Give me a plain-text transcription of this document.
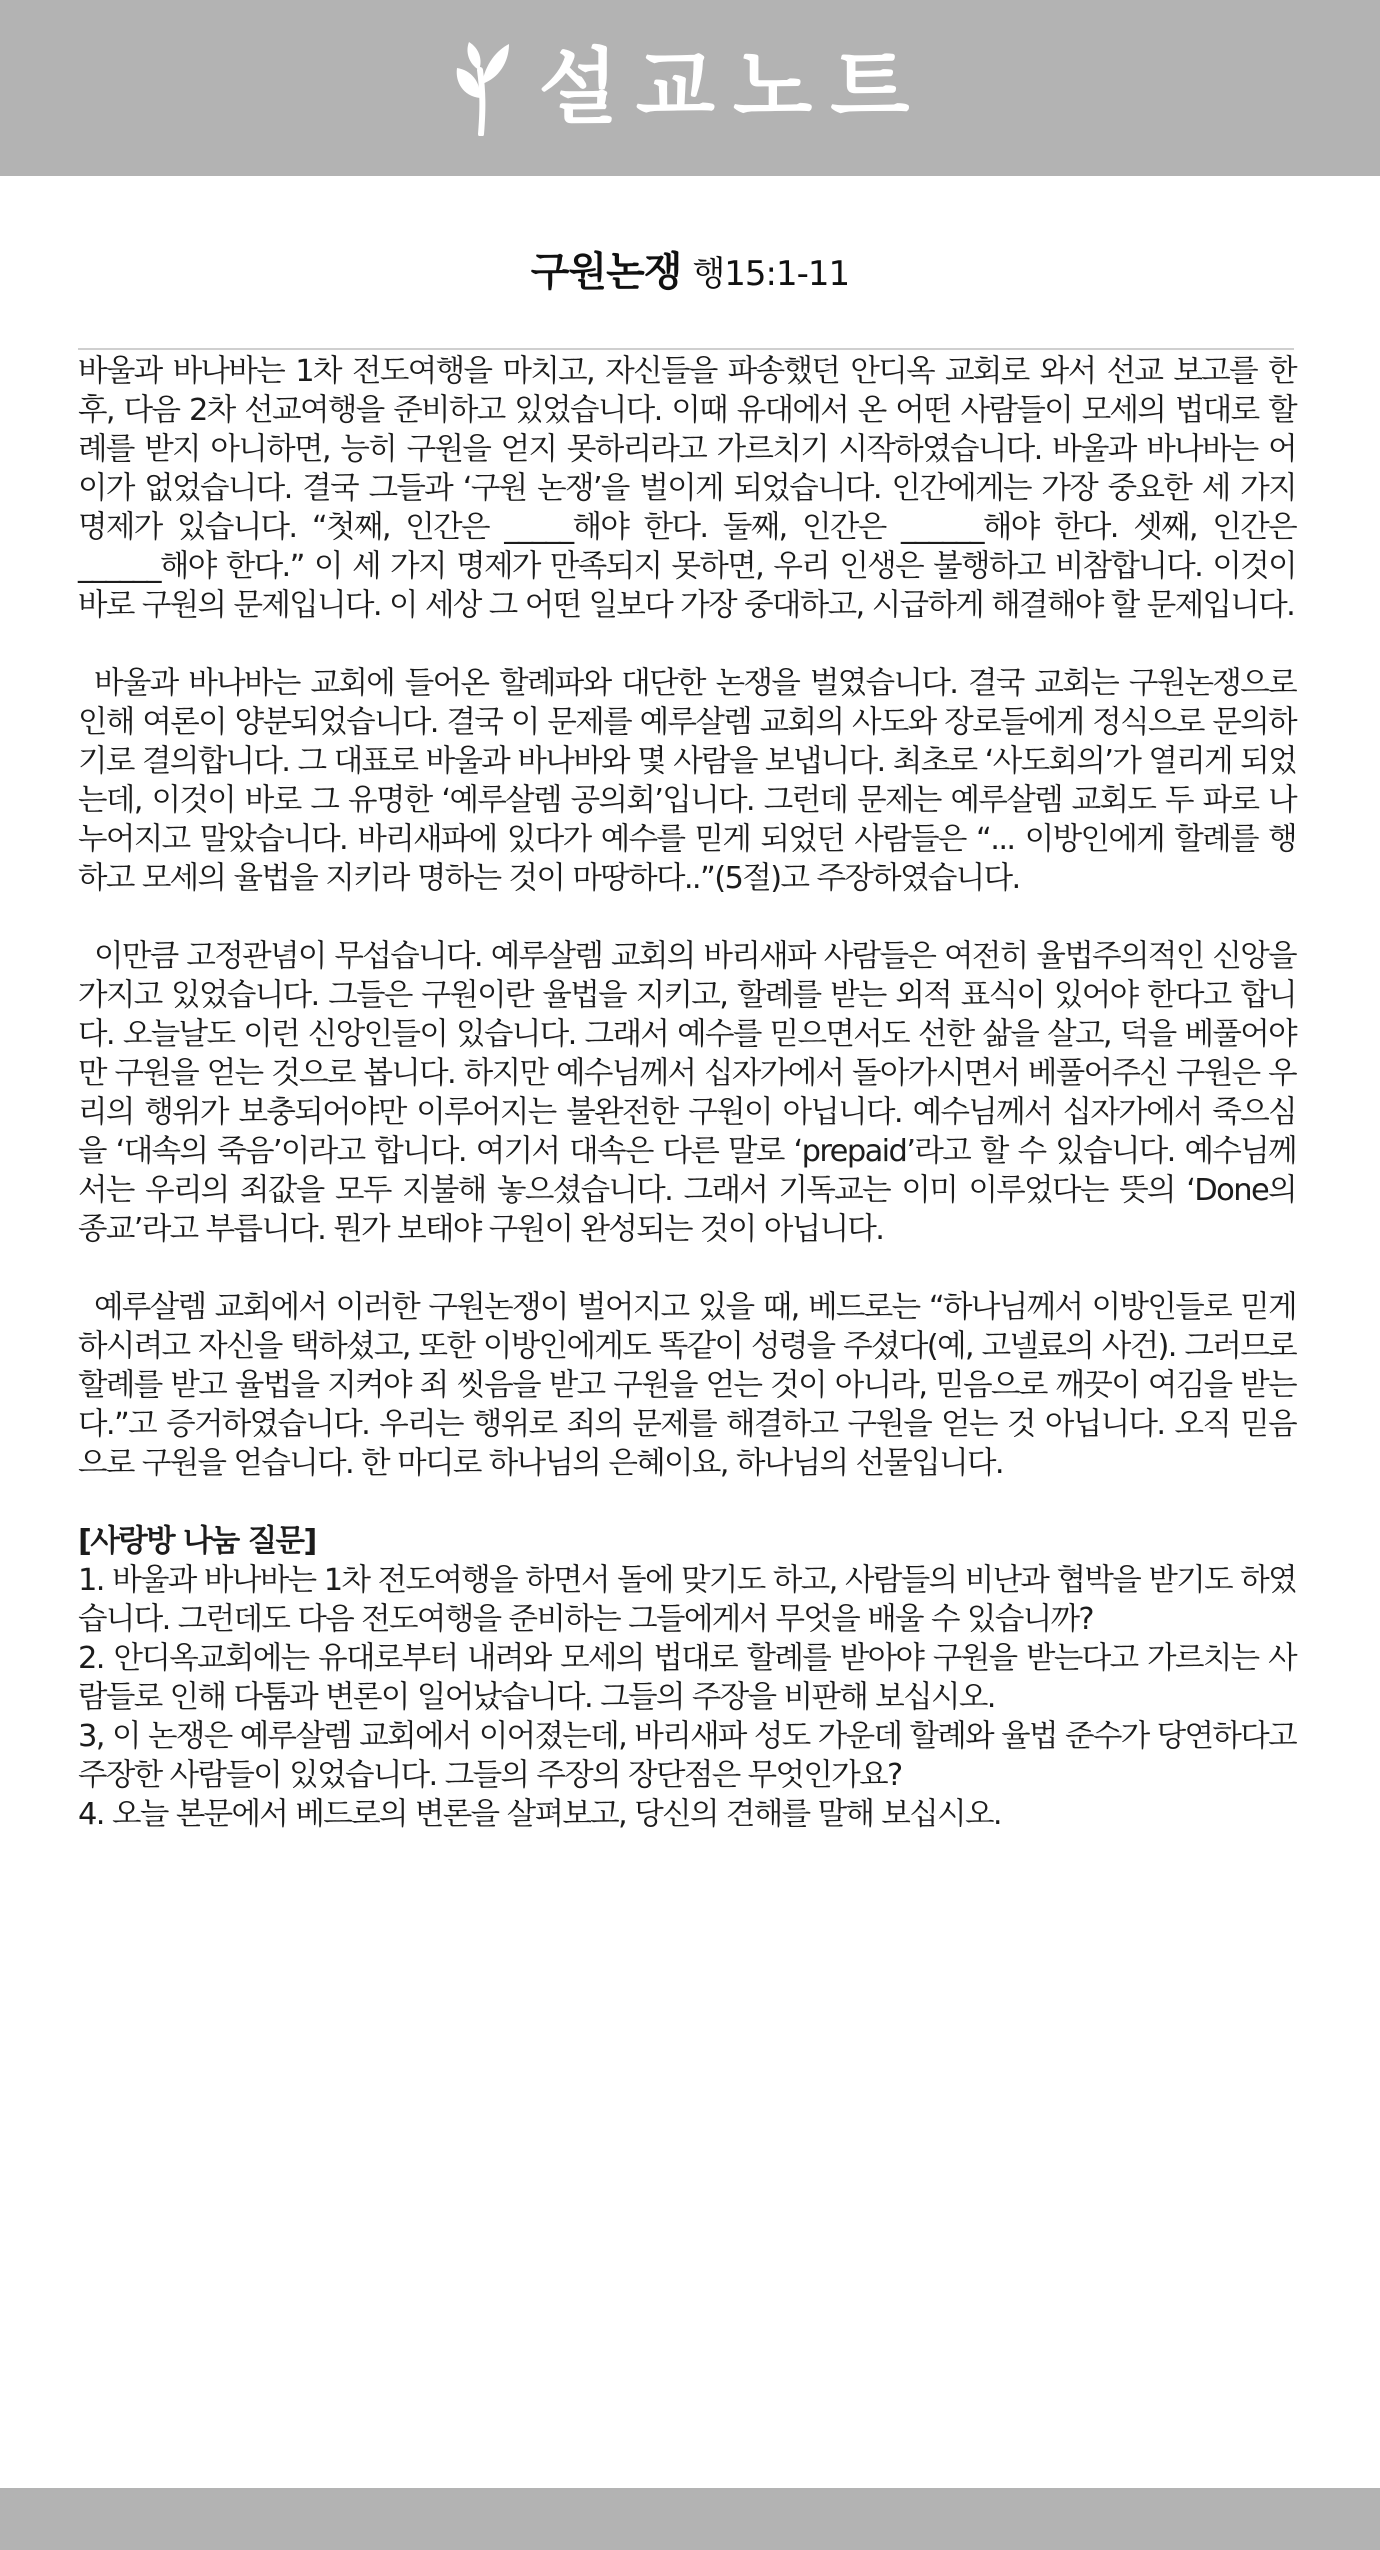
설교노트
구원논쟁 행15:1-11

바울과 바나바는 1차 전도여행을 마치고, 자신들을 파송했던 안디옥 교회로 와서 선교 보고를 한 후, 다음 2차 선교여행을 준비하고 있었습니다. 이때 유대에서 온 어떤 사람들이 모세의 법대로 할례를 받지 아니하면, 능히 구원을 얻지 못하리라고 가르치기 시작하였습니다. 바울과 바나바는 어이가 없었습니다. 결국 그들과 ‘구원 논쟁’을 벌이게 되었습니다. 인간에게는 가장 중요한 세 가지 명제가 있습니다. “첫째, 인간은 _____해야 한다. 둘째, 인간은 ______해야 한다. 셋째, 인간은 ______해야 한다.” 이 세 가지 명제가 만족되지 못하면, 우리 인생은 불행하고 비참합니다. 이것이 바로 구원의 문제입니다. 이 세상 그 어떤 일보다 가장 중대하고, 시급하게 해결해야 할 문제입니다.

바울과 바나바는 교회에 들어온 할례파와 대단한 논쟁을 벌였습니다. 결국 교회는 구원논쟁으로 인해 여론이 양분되었습니다. 결국 이 문제를 예루살렘 교회의 사도와 장로들에게 정식으로 문의하기로 결의합니다. 그 대표로 바울과 바나바와 몇 사람을 보냅니다. 최초로 ‘사도회의’가 열리게 되었는데, 이것이 바로 그 유명한 ‘예루살렘 공의회’입니다. 그런데 문제는 예루살렘 교회도 두 파로 나누어지고 말았습니다. 바리새파에 있다가 예수를 믿게 되었던 사람들은 “... 이방인에게 할례를 행하고 모세의 율법을 지키라 명하는 것이 마땅하다..”(5절)고 주장하였습니다.

이만큼 고정관념이 무섭습니다. 예루살렘 교회의 바리새파 사람들은 여전히 율법주의적인 신앙을 가지고 있었습니다. 그들은 구원이란 율법을 지키고, 할례를 받는 외적 표식이 있어야 한다고 합니다. 오늘날도 이런 신앙인들이 있습니다. 그래서 예수를 믿으면서도 선한 삶을 살고, 덕을 베풀어야만 구원을 얻는 것으로 봅니다. 하지만 예수님께서 십자가에서 돌아가시면서 베풀어주신 구원은 우리의 행위가 보충되어야만 이루어지는 불완전한 구원이 아닙니다. 예수님께서 십자가에서 죽으심을 ‘대속의 죽음’이라고 합니다. 여기서 대속은 다른 말로 ‘prepaid’라고 할 수 있습니다. 예수님께서는 우리의 죄값을 모두 지불해 놓으셨습니다. 그래서 기독교는 이미 이루었다는 뜻의 ‘Done의 종교’라고 부릅니다. 뭔가 보태야 구원이 완성되는 것이 아닙니다.

예루살렘 교회에서 이러한 구원논쟁이 벌어지고 있을 때, 베드로는 “하나님께서 이방인들로 믿게 하시려고 자신을 택하셨고, 또한 이방인에게도 똑같이 성령을 주셨다(예, 고넬료의 사건). 그러므로 할례를 받고 율법을 지켜야 죄 씻음을 받고 구원을 얻는 것이 아니라, 믿음으로 깨끗이 여김을 받는다.”고 증거하였습니다. 우리는 행위로 죄의 문제를 해결하고 구원을 얻는 것 아닙니다. 오직 믿음으로 구원을 얻습니다. 한 마디로 하나님의 은혜이요, 하나님의 선물입니다.

[사랑방 나눔 질문]

1. 바울과 바나바는 1차 전도여행을 하면서 돌에 맞기도 하고, 사람들의 비난과 협박을 받기도 하였습니다. 그런데도 다음 전도여행을 준비하는 그들에게서 무엇을 배울 수 있습니까?

2. 안디옥교회에는 유대로부터 내려와 모세의 법대로 할례를 받아야 구원을 받는다고 가르치는 사람들로 인해 다툼과 변론이 일어났습니다. 그들의 주장을 비판해 보십시오.

3, 이 논쟁은 예루살렘 교회에서 이어졌는데, 바리새파 성도 가운데 할례와 율법 준수가 당연하다고 주장한 사람들이 있었습니다. 그들의 주장의 장단점은 무엇인가요?

4. 오늘 본문에서 베드로의 변론을 살펴보고, 당신의 견해를 말해 보십시오.
